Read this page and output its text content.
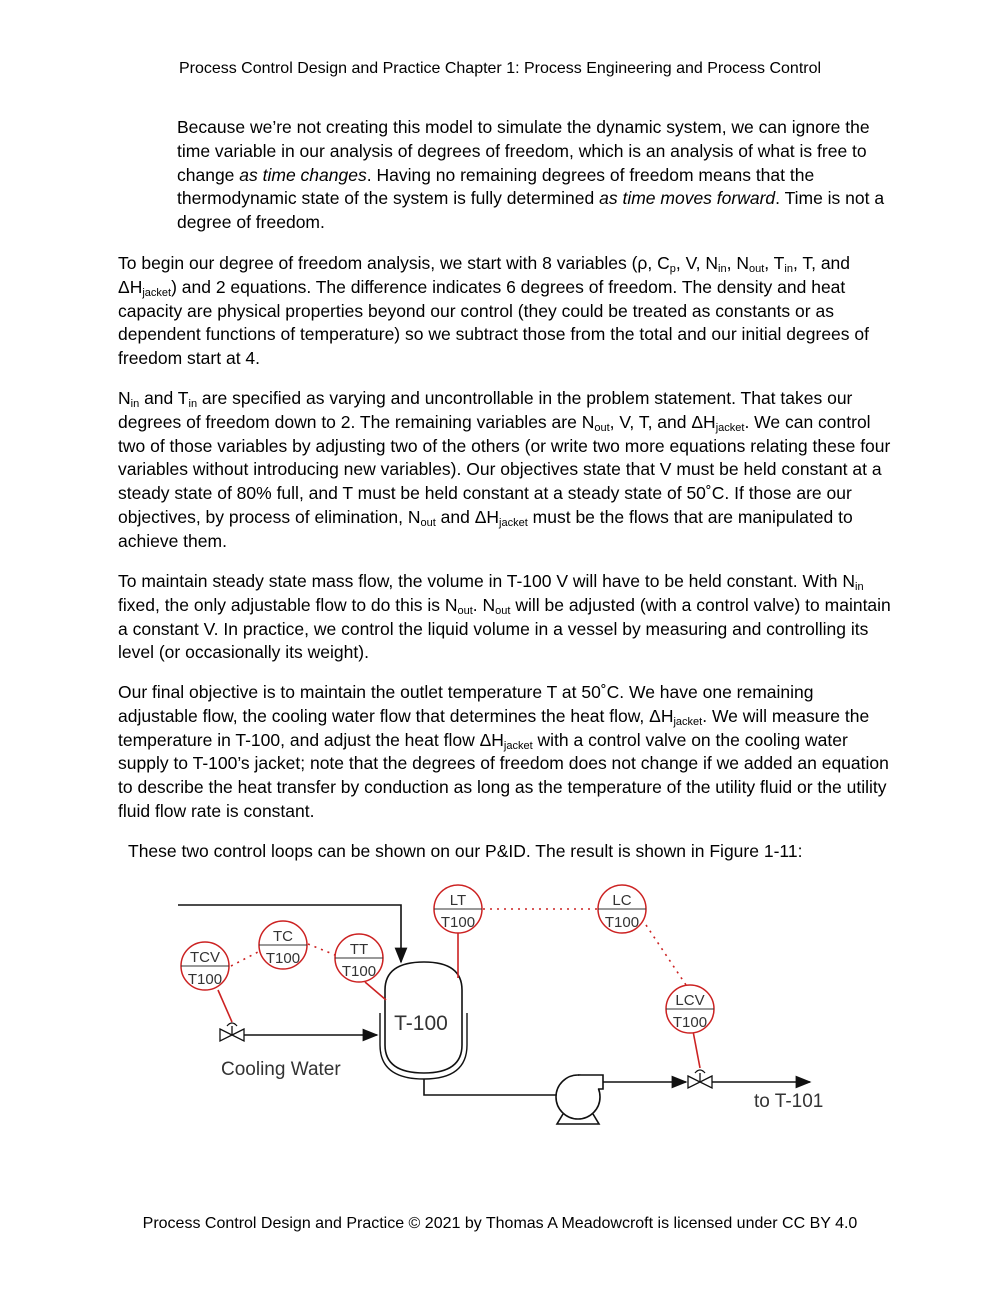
Process Control Design and Practice Chapter 1: Process Engineering and Process Control

Because we’re not creating this model to simulate the dynamic system, we can ignore the time variable in our analysis of degrees of freedom, which is an analysis of what is free to change as time changes. Having no remaining degrees of freedom means that the thermodynamic state of the system is fully determined as time moves forward. Time is not a degree of freedom.

To begin our degree of freedom analysis, we start with 8 variables (ρ, $C_p$, V, $N_{in}$, $N_{out}$, $T_{in}$, T, and $\Delta H_{jacket}$) and 2 equations. The difference indicates 6 degrees of freedom. The density and heat capacity are physical properties beyond our control (they could be treated as constants or as dependent functions of temperature) so we subtract those from the total and our initial degrees of freedom start at 4.

$N_{in}$ and $T_{in}$ are specified as varying and uncontrollable in the problem statement. That takes our degrees of freedom down to 2. The remaining variables are $N_{out}$, V, T, and $\Delta H_{jacket}$. We can control two of those variables by adjusting two of the others (or write two more equations relating these four variables without introducing new variables). Our objectives state that V must be held constant at a steady state of 80% full, and T must be held constant at a steady state of 50˚C. If those are our objectives, by process of elimination, $N_{out}$ and $\Delta H_{jacket}$ must be the flows that are manipulated to achieve them.

To maintain steady state mass flow, the volume in T-100 V will have to be held constant. With $N_{in}$ fixed, the only adjustable flow to do this is $N_{out}$. $N_{out}$ will be adjusted (with a control valve) to maintain a constant V. In practice, we control the liquid volume in a vessel by measuring and controlling its level (or occasionally its weight).

Our final objective is to maintain the outlet temperature T at 50˚C. We have one remaining adjustable flow, the cooling water flow that determines the heat flow, $\Delta H_{jacket}$. We will measure the temperature in T-100, and adjust the heat flow $\Delta H_{jacket}$ with a control valve on the cooling water supply to T-100’s jacket; note that the degrees of freedom does not change if we added an equation to describe the heat transfer by conduction as long as the temperature of the utility fluid or the utility fluid flow rate is constant.

These two control loops can be shown on our P&ID. The result is shown in Figure 1-11:

T-100
Cooling Water
to T-101
TCV
T100
TC
T100
TT
T100
LT
T100
LC
T100
LCV
T100
Process Control Design and Practice © 2021 by Thomas A Meadowcroft is licensed under CC BY 4.0
